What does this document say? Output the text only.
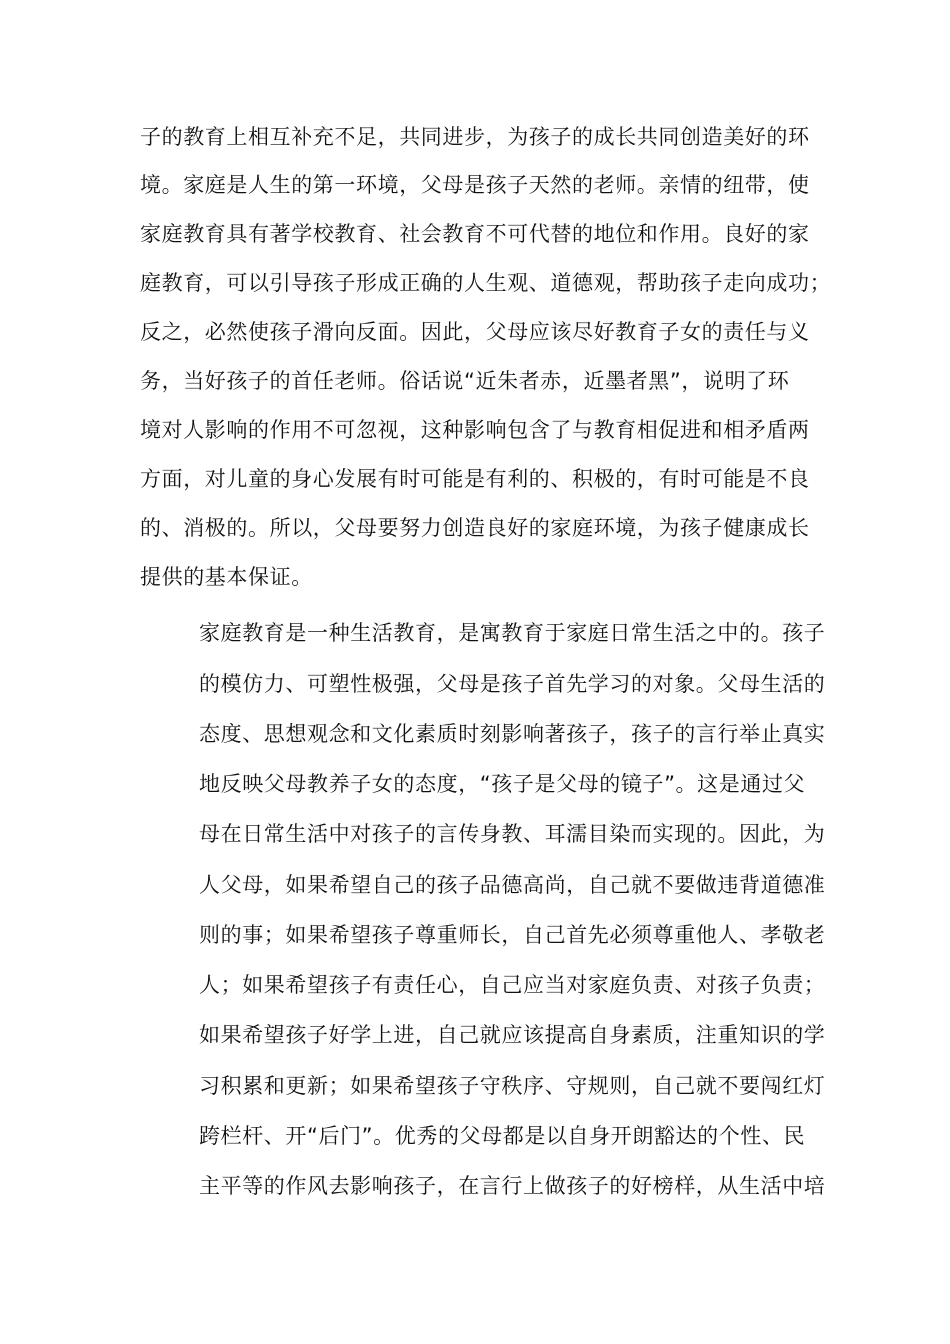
子的教育上相互补充不足，共同进步，为孩子的成长共同创造美好的环
境。家庭是人生的第一环境，父母是孩子天然的老师。亲情的纽带，使
家庭教育具有著学校教育、社会教育不可代替的地位和作用。良好的家
庭教育，可以引导孩子形成正确的人生观、道德观，帮助孩子走向成功；
反之，必然使孩子滑向反面。因此，父母应该尽好教育子女的责任与义
务，当好孩子的首任老师。俗话说“近朱者赤，近墨者黑”，说明了环
境对人影响的作用不可忽视，这种影响包含了与教育相促进和相矛盾两
方面，对儿童的身心发展有时可能是有利的、积极的，有时可能是不良
的、消极的。所以，父母要努力创造良好的家庭环境，为孩子健康成长
提供的基本保证。
家庭教育是一种生活教育，是寓教育于家庭日常生活之中的。孩子
的模仿力、可塑性极强，父母是孩子首先学习的对象。父母生活的
态度、思想观念和文化素质时刻影响著孩子，孩子的言行举止真实
地反映父母教养子女的态度，“孩子是父母的镜子”。这是通过父
母在日常生活中对孩子的言传身教、耳濡目染而实现的。因此，为
人父母，如果希望自己的孩子品德高尚，自己就不要做违背道德准
则的事；如果希望孩子尊重师长，自己首先必须尊重他人、孝敬老
人；如果希望孩子有责任心，自己应当对家庭负责、对孩子负责；
如果希望孩子好学上进，自己就应该提高自身素质，注重知识的学
习积累和更新；如果希望孩子守秩序、守规则，自己就不要闯红灯
跨栏杆、开“后门”。优秀的父母都是以自身开朗豁达的个性、民
主平等的作风去影响孩子，在言行上做孩子的好榜样，从生活中培
